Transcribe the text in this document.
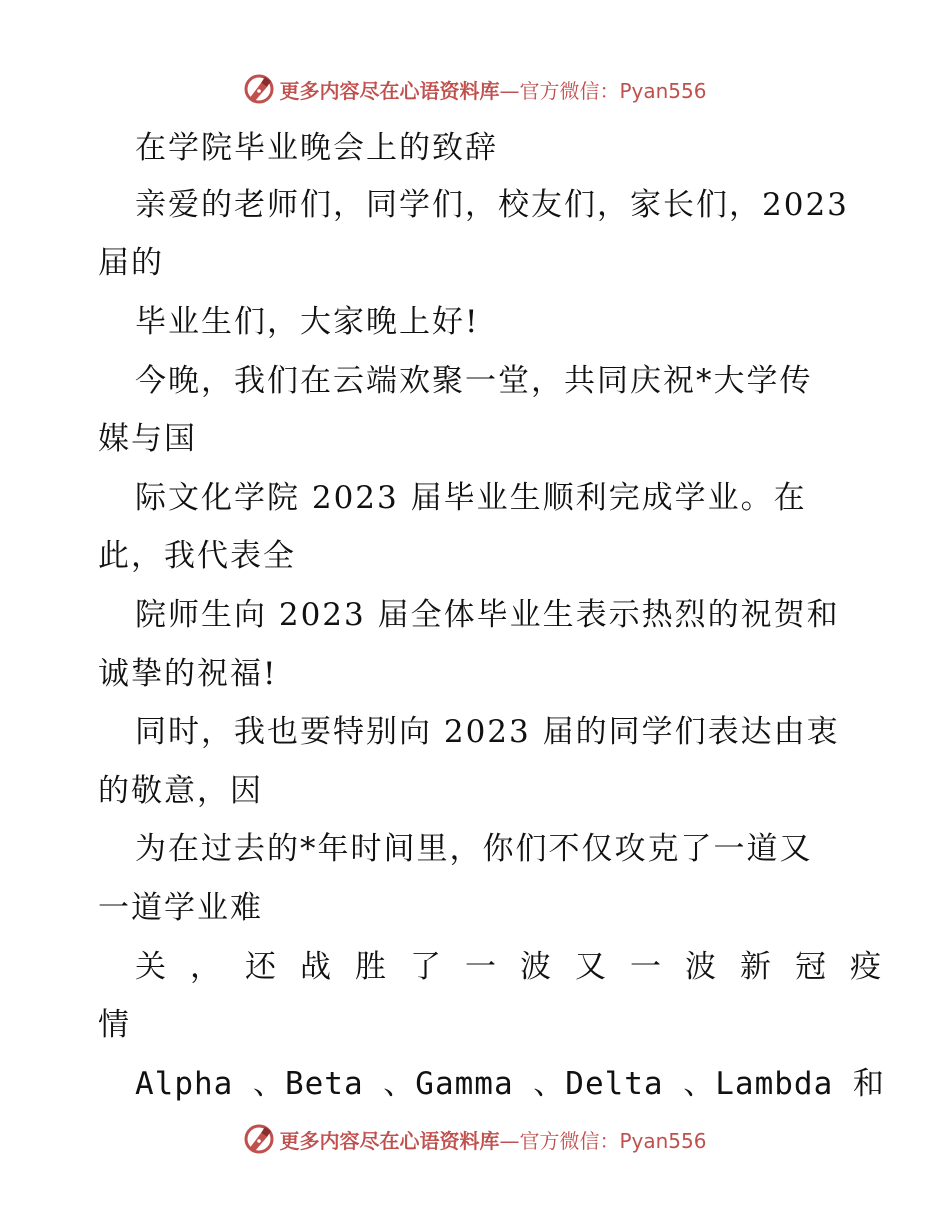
更多内容尽在心语资料库—官方微信：Pyan556
在学院毕业晚会上的致辞
亲爱的老师们，同学们，校友们，家长们，2023
届的
毕业生们，大家晚上好!
今晚，我们在云端欢聚一堂，共同庆祝*大学传
媒与国
际文化学院 2023 届毕业生顺利完成学业。在
此，我代表全
院师生向 2023 届全体毕业生表示热烈的祝贺和
诚挚的祝福!
同时，我也要特别向 2023 届的同学们表达由衷
的敬意，因
为在过去的*年时间里，你们不仅攻克了一道又
一道学业难
关，还战胜了一波又一波新冠疫
情
Alpha 、Beta 、Gamma 、Delta 、Lambda 和
更多内容尽在心语资料库—官方微信：Pyan556
